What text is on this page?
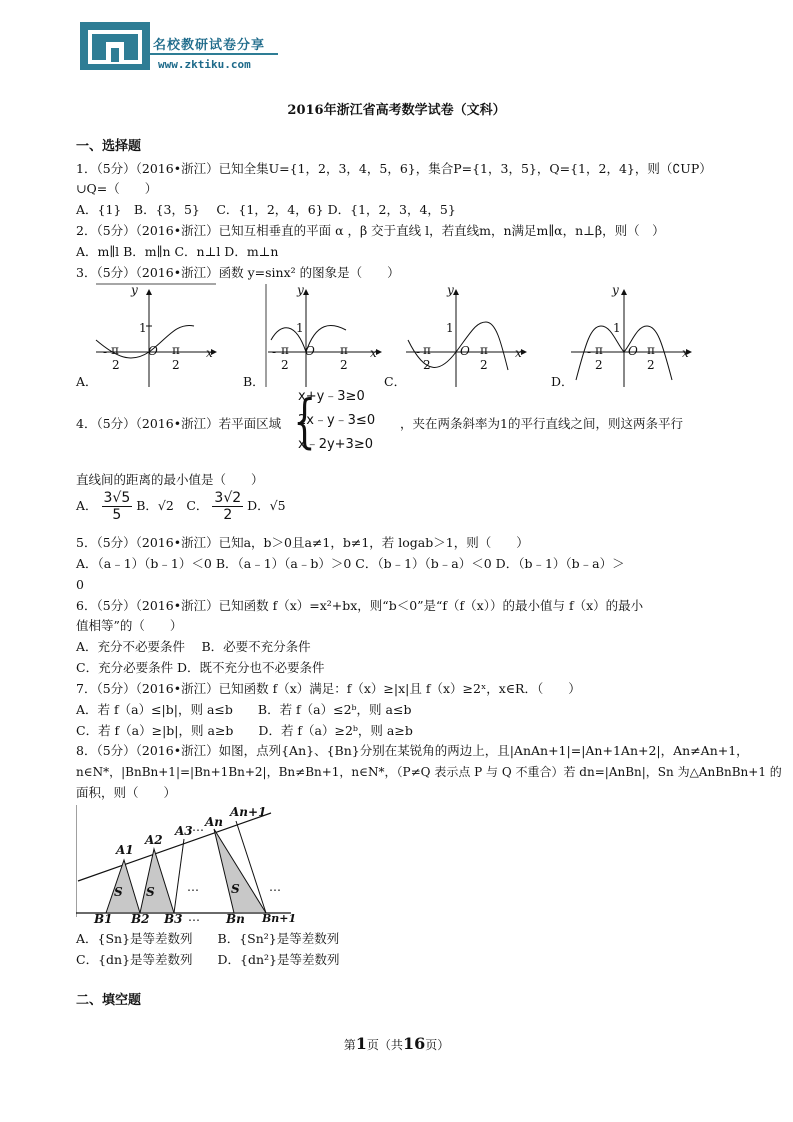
名校教研试卷分享
www.zktiku.com
2016年浙江省高考数学试卷（文科）
一、选择题
1．（5分）（2016•浙江）已知全集U={1，2，3，4，5，6}，集合P={1，3，5}，Q={1，2，4}，则（∁UP）
∪Q=（　　）
A．{1}　B．{3，5}　 C．{1，2，4，6} D．{1，2，3，4，5}
2．（5分）（2016•浙江）已知互相垂直的平面 α ，β 交于直线 l，若直线m，n满足m∥α，n⊥β，则（　）
A．m∥l B．m∥n C．n⊥l D．m⊥n
3．（5分）（2016•浙江）函数 y=sinx² 的图象是（　　）
y
x
O
1
- π
2
π
2
y
x
O
1
- π
2
π
2
y
x
O
1
- π
2
π
2
y
x
O
1
- π
2
π
2
A．	B．	C．	D．
4．（5分）（2016•浙江）若平面区域 {
x+y﹣3≥0
2x﹣y﹣3≤0
x﹣2y+3≥0
，夹在两条斜率为1的平行直线之间，则这两条平行
直线间的距离的最小值是（　　）
A． $\frac{3√5}{5}$ B．√2　C． $\frac{3√2}{2}$ D．√5
5．（5分）（2016•浙江）已知a，b＞0且a≠1，b≠1，若 logab＞1，则（　　）
A．（a﹣1）（b﹣1）＜0 B．（a﹣1）（a﹣b）＞0 C．（b﹣1）（b﹣a）＜0 D．（b﹣1）（b﹣a）＞
0
6．（5分）（2016•浙江）已知函数 f（x）=x²+bx，则“b＜0”是“f（f（x））的最小值与 f（x）的最小
值相等”的（　　）
A．充分不必要条件　 B．必要不充分条件
C．充分必要条件 D．既不充分也不必要条件
7．（5分）（2016•浙江）已知函数 f（x）满足：f（x）≥|x|且 f（x）≥2ˣ，x∈R．（　　）
A．若 f（a）≤|b|，则 a≤b　　B．若 f（a）≤2ᵇ，则 a≤b
C．若 f（a）≥|b|，则 a≥b　　D．若 f（a）≥2ᵇ，则 a≥b
8．（5分）（2016•浙江）如图，点列{An}、{Bn}分别在某锐角的两边上，且|AnAn+1|=|An+1An+2|，An≠An+1，
n∈N*，|BnBn+1|=|Bn+1Bn+2|，Bn≠Bn+1，n∈N*，（P≠Q 表示点 P 与 Q 不重合）若 dn=|AnBn|，Sn 为△AnBnBn+1 的
面积，则（　　）
A1
A2
A3 … An
An+1
S S	…	S …
B1 B2 B3 … Bn Bn+1
A．{Sn}是等差数列　　B．{Sn²}是等差数列
C．{dn}是等差数列　　D．{dn²}是等差数列
二、填空题
第1页（共16页）
